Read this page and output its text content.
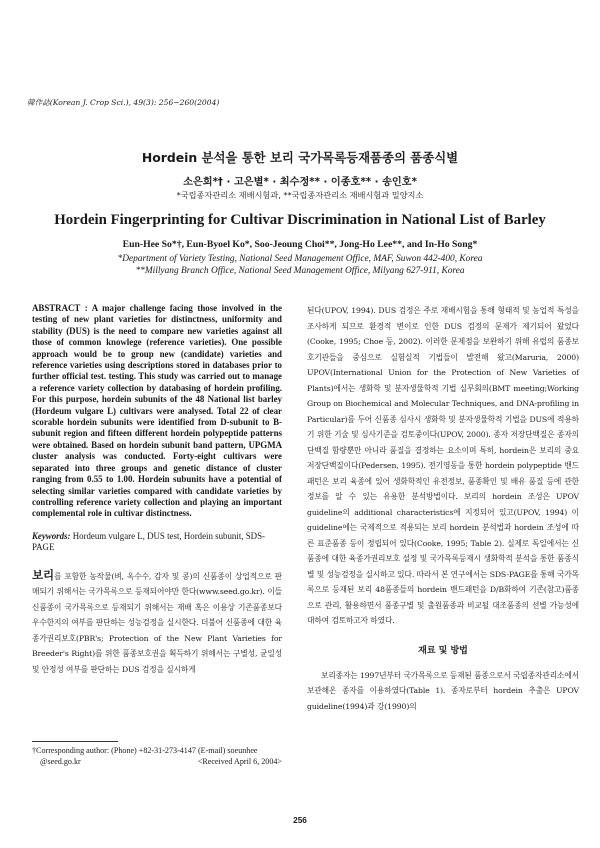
韓作誌(Korean J. Crop Sci.), 49(3): 256~260(2004)
Hordein 분석을 통한 보리 국가목록등재품종의 품종식별
소은희*† · 고은별* · 최수정** · 이종호** · 송인호*
*국립종자관리소 재배시험과, **국립종자관리소 재배시험과 밀양지소
Hordein Fingerprinting for Cultivar Discrimination in National List of Barley
Eun-Hee So*†, Eun-Byoel Ko*, Soo-Jeoung Choi**, Jong-Ho Lee**, and In-Ho Song*
*Department of Variety Testing, National Seed Management Office, MAF, Suwon 442-400, Korea
**Millyang Branch Office, National Seed Management Office, Milyang 627-911, Korea
ABSTRACT : A major challenge facing those involved in the testing of new plant varieties for distinctness, uniformity and stability (DUS) is the need to compare new varieties against all those of common knowlege (reference varieties). One possible approach would be to group new (candidate) varieties and reference varieties using descriptions stored in databases prior to further official test. testing. This study was carried out to manage a reference variety collection by databasing of hordein profiling. For this purpose, hordein subunits of the 48 National list barley (Hordeum vulgare L) cultivars were analysed. Total 22 of clear scorable hordein subunits were identified from D-subunit to B-subunit region and fifteen different hordein polypeptide patterns were obtained. Based on hordein subunit band pattern, UPGMA cluster analysis was conducted. Forty-eight cultivars were separated into three groups and genetic distance of cluster ranging from 0.55 to 1.00. Hordein subunits have a potential of selecting similar varieties compared with candidate varieties by controlling reference variety collection and playing an important complemental role in cultivar distinctness.
Keywords: Hordeum vulgare L, DUS test, Hordein subunit, SDS-PAGE
보리를 포함한 농작물(벼, 옥수수, 감자 및 콩)의 신품종이 상업적으로 판매되기 위해서는 국가목록으로 등재되어야만 한다(www.seed.go.kr). 이들 신품종이 국가목록으로 등재되기 위해서는 재배 혹은 이용상 기존품종보다 우수한지의 여부를 판단하는 성능검정을 실시한다. 더불어 신품종에 대한 육종가권리보호(PBR's; Protection of the New Plant Varieties for Breeder's Right)를 위한 품종보호권을 획득하기 위해서는 구별성, 균일성 및 안정성 여부를 판단하는 DUS 검정을 실시하게
†Corresponding author: (Phone) +82-31-273-4147 (E-mail) soeunhee
@seed.go.kr	<Received April 6, 2004>
된다(UPOV, 1994). DUS 검정은 주로 재배시험을 통해 형태적 및 농업적 특성을 조사하게 되므로 환경적 변이로 인한 DUS 검정의 문제가 제기되어 왔었다(Cooke, 1995; Choe 등, 2002). 이러한 문제점을 보완하기 위해 유럽의 품종보호기관들을 중심으로 실험실적 기법들이 발전해 왔고(Maruria, 2000) UPOV(International Union for the Protection of New Varieties of Plants)에서는 생화학 및 분자생물학적 기법 실무회의(BMT meeting;Working Group on Biochemical and Molecular Techniques, and DNA-profiling in Particular)를 두어 신품종 심사시 생화학 및 분자생물학적 기법을 DUS에 적용하기 위한 기술 및 심사기준을 검토중이다(UPOV, 2000). 종자 저장단백질은 종자의 단백질 함량뿐만 아니라 품질을 결정하는 요소이며 특히, hordein은 보리의 중요 저장단백질이다(Pedersen, 1995). 전기영동을 통한 hordein polypeptide 밴드패턴은 보리 육종에 있어 생화학적인 유전정보, 품종확인 및 배유 품질 등에 관한 정보를 알 수 있는 유용한 분석방법이다. 보리의 hordein 조성은 UPOV guideline의 additional characteristics에 지정되어 있고(UPOV, 1994) 이 guideline에는 국제적으로 적용되는 보리 hordein 분석법과 hordein 조성에 따른 표준품종 등이 정립되어 있다(Cooke, 1995; Table 2). 실제로 독일에서는 신품종에 대한 육종가권리보호 설정 및 국가목록등재시 생화학적 분석을 통한 품종식별 및 성능검정을 실시하고 있다. 따라서 본 연구에서는 SDS-PAGE를 통해 국가목록으로 등재된 보리 48품종들의 hordein 밴드패턴을 D/B화하여 기존(참고)품종으로 관리, 활용하면서 품종구별 및 출원품종과 비교될 대조품종의 선별 가능성에 대하여 검토하고자 하였다.
재료 및 방법
보리종자는 1997년부터 국가목록으로 등재된 품종으로서 국립종자관리소에서 보관해온 종자를 이용하였다(Table 1). 종자로부터 hordein 추출은 UPOV guideline(1994)과 강(1990)의
256
